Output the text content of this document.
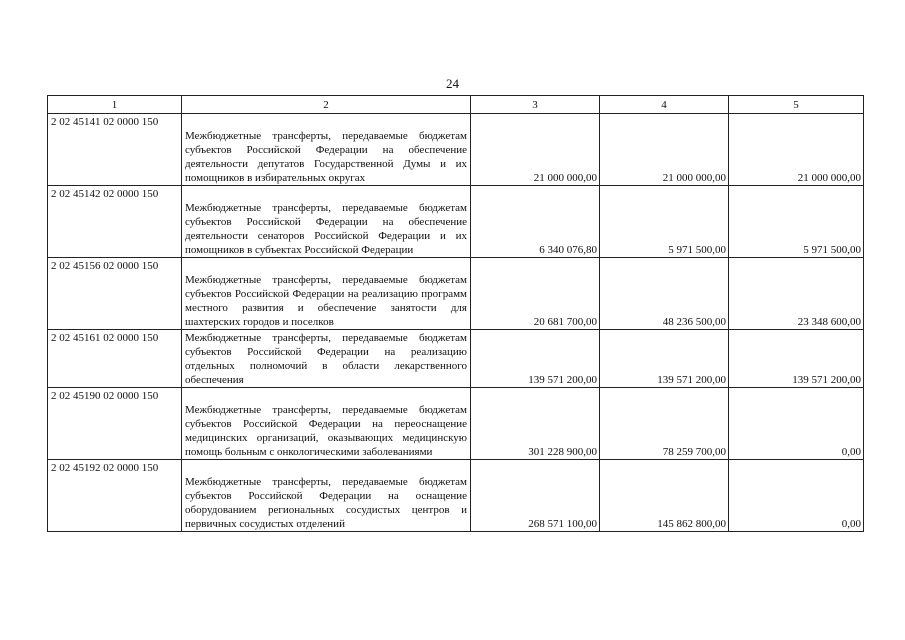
24
1	2	3	4	5
2 02 45141 02 0000 150	Межбюджетные трансферты, передаваемые бюджетам субъектов Российской Федерации на обеспечение деятельности депутатов Государственной Думы и их помощников в избирательных округах	21 000 000,00	21 000 000,00	21 000 000,00
2 02 45142 02 0000 150	Межбюджетные трансферты, передаваемые бюджетам субъектов Российской Федерации на обеспечение деятельности сенаторов Российской Федерации и их помощников в субъектах Российской Федерации	6 340 076,80	5 971 500,00	5 971 500,00
2 02 45156 02 0000 150	Межбюджетные трансферты, передаваемые бюджетам субъектов Российской Федерации на реализацию программ местного развития и обеспечение занятости для шахтерских городов и поселков	20 681 700,00	48 236 500,00	23 348 600,00
2 02 45161 02 0000 150	Межбюджетные трансферты, передаваемые бюджетам субъектов Российской Федерации на реализацию отдельных полномочий в области лекарственного обеспечения	139 571 200,00	139 571 200,00	139 571 200,00
2 02 45190 02 0000 150	Межбюджетные трансферты, передаваемые бюджетам субъектов Российской Федерации на переоснащение медицинских организаций, оказывающих медицинскую помощь больным с онкологическими заболеваниями	301 228 900,00	78 259 700,00	0,00
2 02 45192 02 0000 150	Межбюджетные трансферты, передаваемые бюджетам субъектов Российской Федерации на оснащение оборудованием региональных сосудистых центров и первичных сосудистых отделений	268 571 100,00	145 862 800,00	0,00
